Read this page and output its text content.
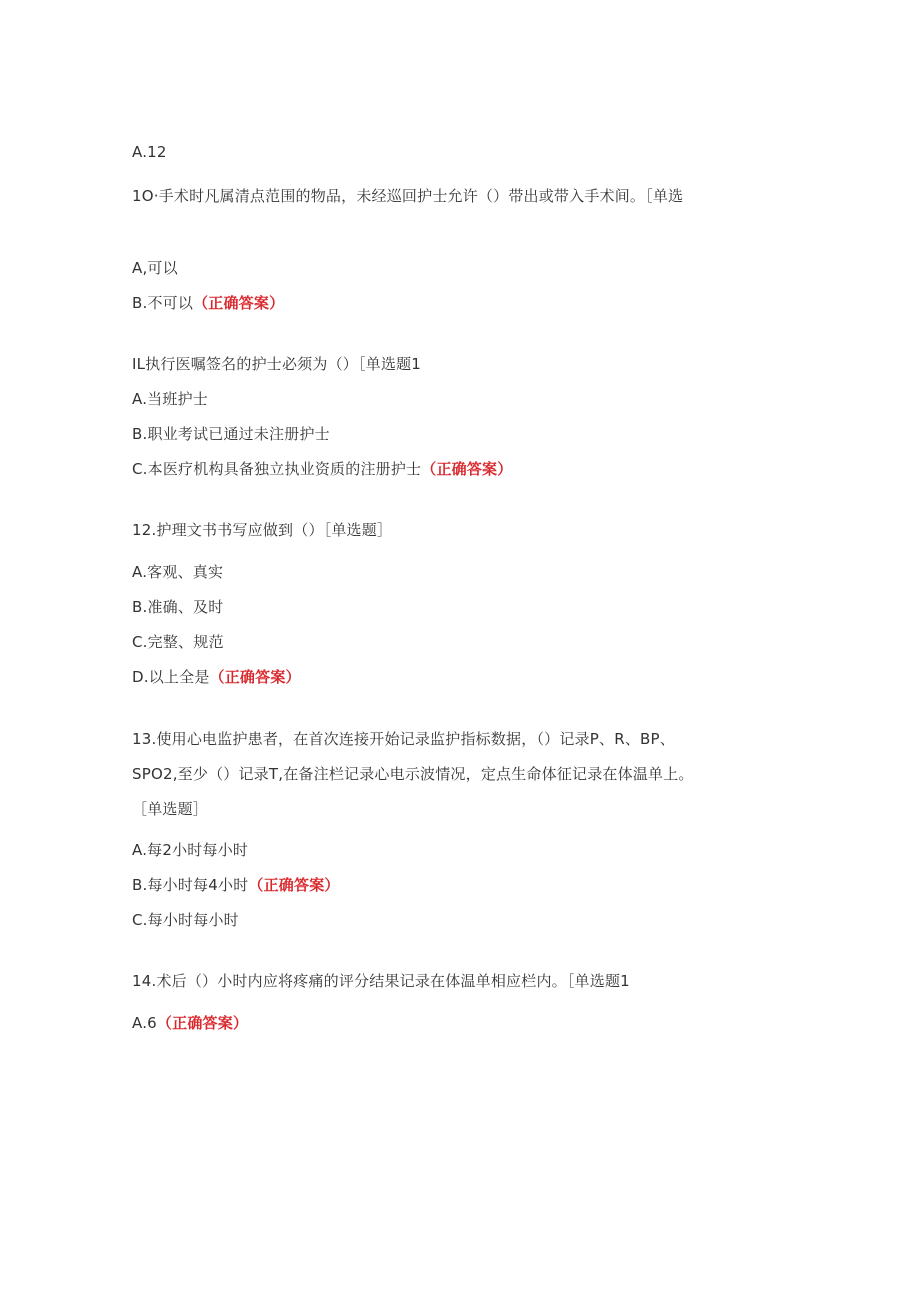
A.12
1O·手术时凡属清点范围的物品，未经巡回护士允许（）带出或带入手术间。［单选
A,可以
B.不可以（正确答案）
IL执行医嘱签名的护士必须为（）［单选题1
A.当班护士
B.职业考试已通过未注册护士
C.本医疗机构具备独立执业资质的注册护士（正确答案）
12.护理文书书写应做到（）［单选题］
A.客观、真实
B.准确、及时
C.完整、规范
D.以上全是（正确答案）
13.使用心电监护患者，在首次连接开始记录监护指标数据，（）记录P、R、BP、
SPO2,至少（）记录T,在备注栏记录心电示波情况，定点生命体征记录在体温单上。
［单选题］
A.每2小时每小时
B.每小时每4小时（正确答案）
C.每小时每小时
14.术后（）小时内应将疼痛的评分结果记录在体温单相应栏内。［单选题1
A.6（正确答案）
